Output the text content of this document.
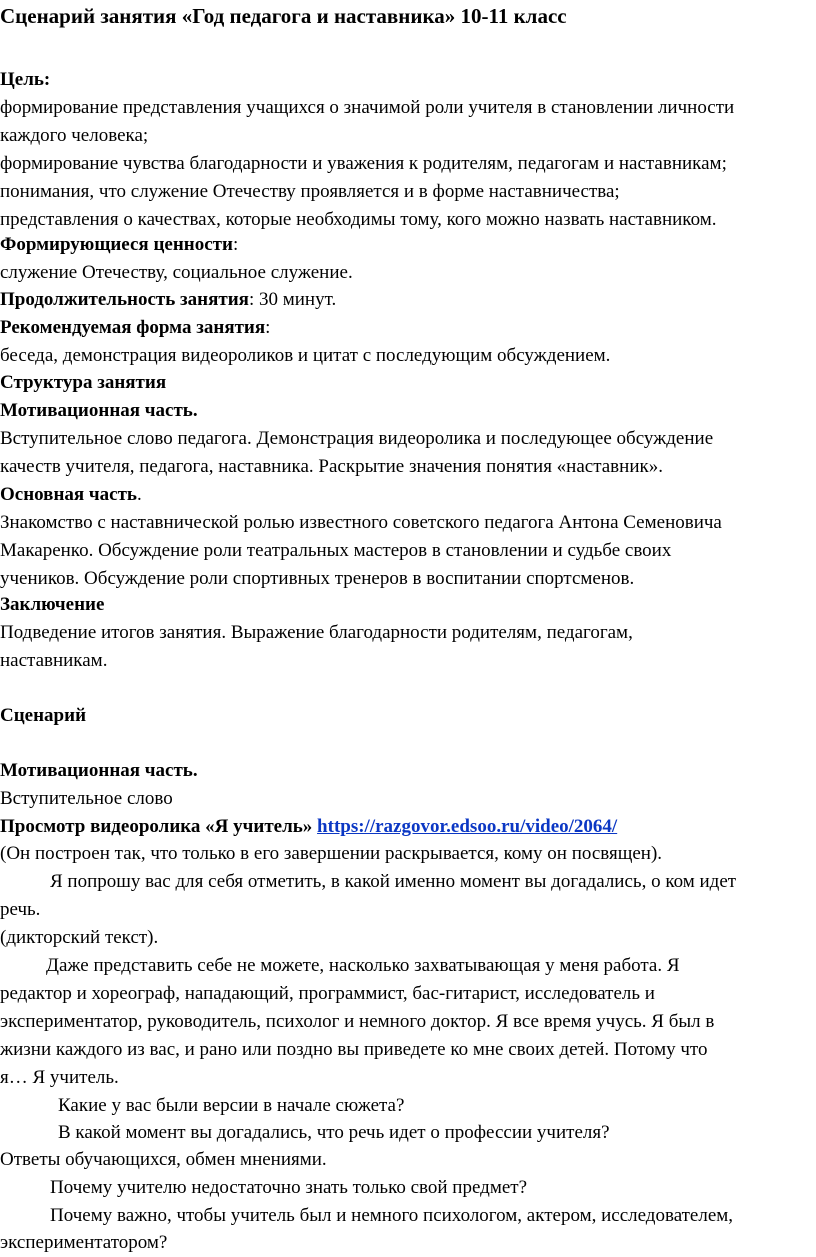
Сценарий занятия «Год педагога и наставника» 10-11 класс
Цель:
формирование представления учащихся о значимой роли учителя в становлении личности
каждого человека;
формирование чувства благодарности и уважения к родителям, педагогам и наставникам;
понимания, что служение Отечеству проявляется и в форме наставничества;
представления о качествах, которые необходимы тому, кого можно назвать наставником.
Формирующиеся ценности:
служение Отечеству, социальное служение.
Продолжительность занятия: 30 минут.
Рекомендуемая форма занятия:
беседа, демонстрация видеороликов и цитат с последующим обсуждением.
Структура занятия
Мотивационная часть.
Вступительное слово педагога. Демонстрация видеоролика и последующее обсуждение
качеств учителя, педагога, наставника. Раскрытие значения понятия «наставник».
Основная часть.
Знакомство с наставнической ролью известного советского педагога Антона Семеновича
Макаренко. Обсуждение роли театральных мастеров в становлении и судьбе своих
учеников. Обсуждение роли спортивных тренеров в воспитании спортсменов.
Заключение
Подведение итогов занятия. Выражение благодарности родителям, педагогам,
наставникам.
Сценарий
Мотивационная часть.
Вступительное слово
Просмотр видеоролика «Я учитель» https://razgovor.edsoo.ru/video/2064/
(Он построен так, что только в его завершении раскрывается, кому он посвящен).
Я попрошу вас для себя отметить, в какой именно момент вы догадались, о ком идет
речь.
(дикторский текст).
Даже представить себе не можете, насколько захватывающая у меня работа. Я
редактор и хореограф, нападающий, программист, бас-гитарист, исследователь и
экспериментатор, руководитель, психолог и немного доктор. Я все время учусь. Я был в
жизни каждого из вас, и рано или поздно вы приведете ко мне своих детей. Потому что
я… Я учитель.
Какие у вас были версии в начале сюжета?
В какой момент вы догадались, что речь идет о профессии учителя?
Ответы обучающихся, обмен мнениями.
Почему учителю недостаточно знать только свой предмет?
Почему важно, чтобы учитель был и немного психологом, актером, исследователем,
экспериментатором?
